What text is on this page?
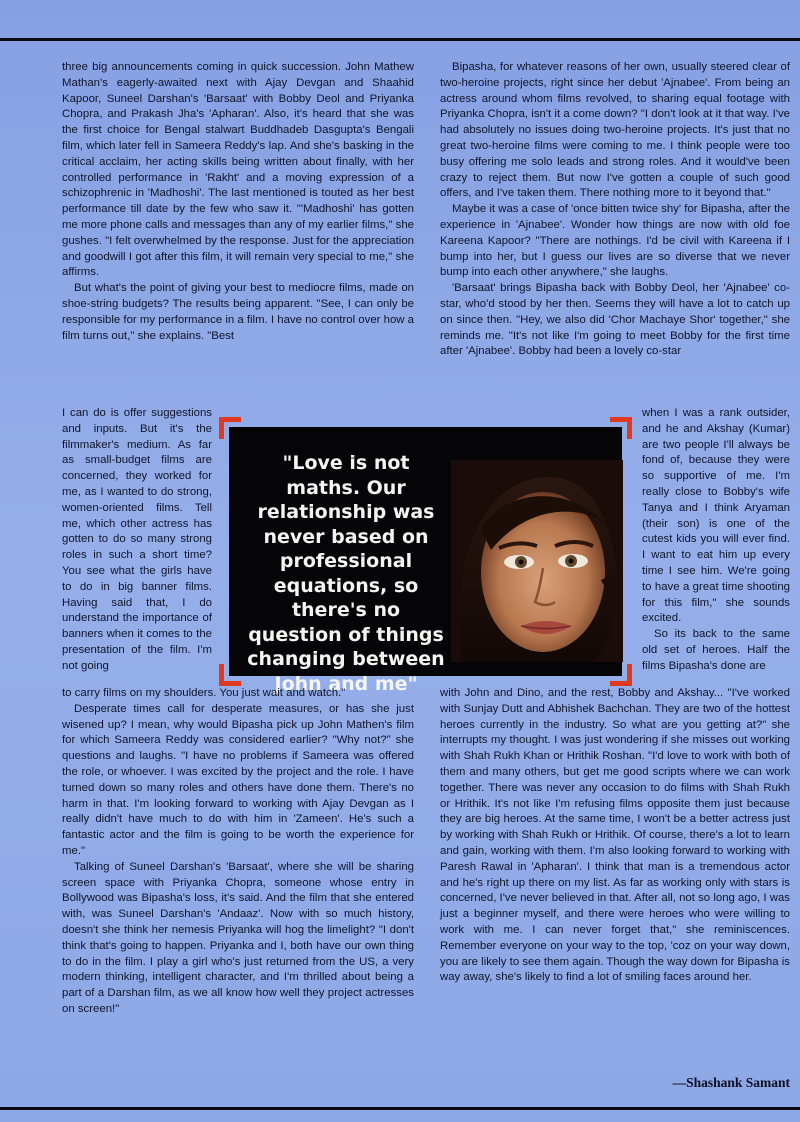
three big announcements coming in quick succession. John Mathew Mathan's eagerly-awaited next with Ajay Devgan and Shaahid Kapoor, Suneel Darshan's 'Barsaat' with Bobby Deol and Priyanka Chopra, and Prakash Jha's 'Apharan'. Also, it's heard that she was the first choice for Bengal stalwart Buddhadeb Dasgupta's Bengali film, which later fell in Sameera Reddy's lap. And she's basking in the critical acclaim, her acting skills being written about finally, with her controlled performance in 'Rakht' and a moving expression of a schizophrenic in 'Madhoshi'. The last mentioned is touted as her best performance till date by the few who saw it. "'Madhoshi' has gotten me more phone calls and messages than any of my earlier films," she gushes. "I felt overwhelmed by the response. Just for the appreciation and goodwill I got after this film, it will remain very special to me," she affirms.

But what's the point of giving your best to mediocre films, made on shoe-string budgets? The results being apparent. "See, I can only be responsible for my performance in a film. I have no control over how a film turns out," she explains. "Best

Bipasha, for whatever reasons of her own, usually steered clear of two-heroine projects, right since her debut 'Ajnabee'. From being an actress around whom films revolved, to sharing equal footage with Priyanka Chopra, isn't it a come down? "I don't look at it that way. I've had absolutely no issues doing two-heroine projects. It's just that no great two-heroine films were coming to me. I think people were too busy offering me solo leads and strong roles. And it would've been crazy to reject them. But now I've gotten a couple of such good offers, and I've taken them. There nothing more to it beyond that."

Maybe it was a case of 'once bitten twice shy' for Bipasha, after the experience in 'Ajnabee'. Wonder how things are now with old foe Kareena Kapoor? "There are nothings. I'd be civil with Kareena if I bump into her, but I guess our lives are so diverse that we never bump into each other anywhere," she laughs.

'Barsaat' brings Bipasha back with Bobby Deol, her 'Ajnabee' co-star, who'd stood by her then. Seems they will have a lot to catch up on since then. "Hey, we also did 'Chor Machaye Shor' together," she reminds me. "It's not like I'm going to meet Bobby for the first time after 'Ajnabee'. Bobby had been a lovely co-star

I can do is offer suggestions and inputs. But it's the filmmaker's medium. As far as small-budget films are concerned, they worked for me, as I wanted to do strong, women-oriented films. Tell me, which other actress has gotten to do so many strong roles in such a short time? You see what the girls have to do in big banner films. Having said that, I do understand the importance of banners when it comes to the presentation of the film. I'm not going

when I was a rank outsider, and he and Akshay (Kumar) are two people I'll always be fond of, because they were so supportive of me. I'm really close to Bobby's wife Tanya and I think Aryaman (their son) is one of the cutest kids you will ever find. I want to eat him up every time I see him. We're going to have a great time shooting for this film," she sounds excited.

So its back to the same old set of heroes. Half the films Bipasha's done are

"Love is not maths. Our relationship was never based on professional equations, so there's no question of things changing between John and me"

to carry films on my shoulders. You just wait and watch."

Desperate times call for desperate measures, or has she just wisened up? I mean, why would Bipasha pick up John Mathen's film for which Sameera Reddy was considered earlier? "Why not?" she questions and laughs. "I have no problems if Sameera was offered the role, or whoever. I was excited by the project and the role. I have turned down so many roles and others have done them. There's no harm in that. I'm looking forward to working with Ajay Devgan as I really didn't have much to do with him in 'Zameen'. He's such a fantastic actor and the film is going to be worth the experience for me."

Talking of Suneel Darshan's 'Barsaat', where she will be sharing screen space with Priyanka Chopra, someone whose entry in Bollywood was Bipasha's loss, it's said. And the film that she entered with, was Suneel Darshan's 'Andaaz'. Now with so much history, doesn't she think her nemesis Priyanka will hog the limelight? "I don't think that's going to happen. Priyanka and I, both have our own thing to do in the film. I play a girl who's just returned from the US, a very modern thinking, intelligent character, and I'm thrilled about being a part of a Darshan film, as we all know how well they project actresses on screen!"

with John and Dino, and the rest, Bobby and Akshay... "I've worked with Sunjay Dutt and Abhishek Bachchan. They are two of the hottest heroes currently in the industry. So what are you getting at?" she interrupts my thought. I was just wondering if she misses out working with Shah Rukh Khan or Hrithik Roshan. "I'd love to work with both of them and many others, but get me good scripts where we can work together. There was never any occasion to do films with Shah Rukh or Hrithik. It's not like I'm refusing films opposite them just because they are big heroes. At the same time, I won't be a better actress just by working with Shah Rukh or Hrithik. Of course, there's a lot to learn and gain, working with them. I'm also looking forward to working with Paresh Rawal in 'Apharan'. I think that man is a tremendous actor and he's right up there on my list. As far as working only with stars is concerned, I've never believed in that. After all, not so long ago, I was just a beginner myself, and there were heroes who were willing to work with me. I can never forget that," she reminiscences. Remember everyone on your way to the top, 'coz on your way down, you are likely to see them again. Though the way down for Bipasha is way away, she's likely to find a lot of smiling faces around her.

—Shashank Samant
